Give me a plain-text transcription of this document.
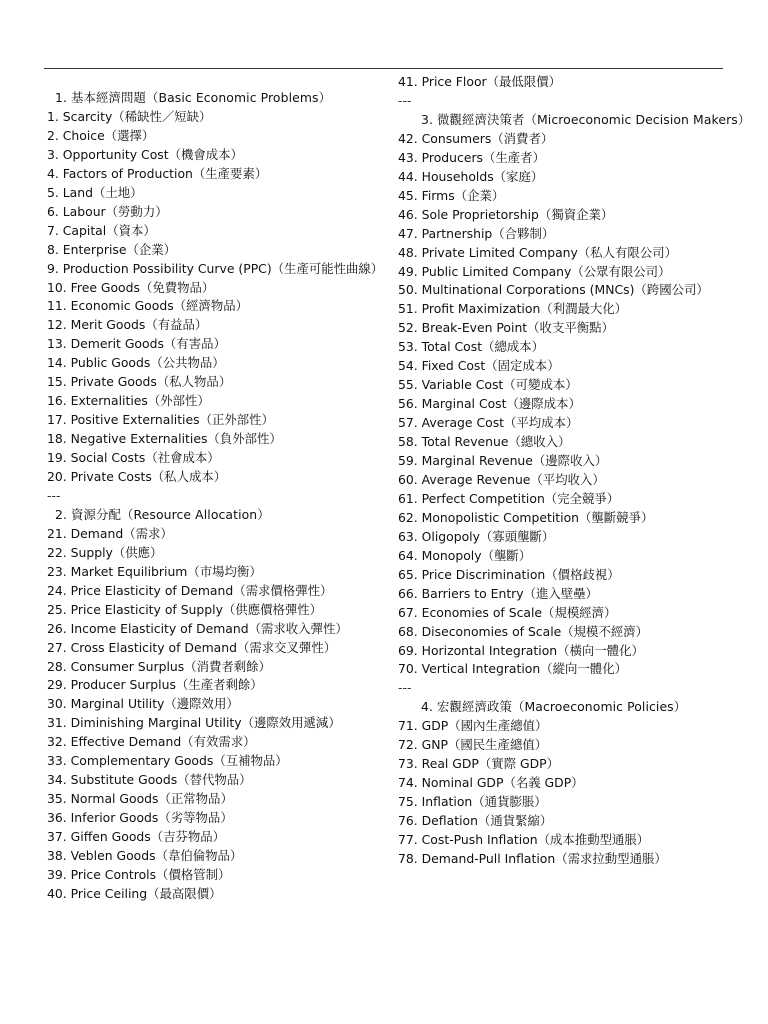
1. 基本經濟問題（Basic Economic Problems）
1. Scarcity（稀缺性／短缺）
2. Choice（選擇）
3. Opportunity Cost（機會成本）
4. Factors of Production（生產要素）
5. Land（土地）
6. Labour（勞動力）
7. Capital（資本）
8. Enterprise（企業）
9. Production Possibility Curve (PPC)（生產可能性曲線）
10. Free Goods（免費物品）
11. Economic Goods（經濟物品）
12. Merit Goods（有益品）
13. Demerit Goods（有害品）
14. Public Goods（公共物品）
15. Private Goods（私人物品）
16. Externalities（外部性）
17. Positive Externalities（正外部性）
18. Negative Externalities（負外部性）
19. Social Costs（社會成本）
20. Private Costs（私人成本）
---
2. 資源分配（Resource Allocation）
21. Demand（需求）
22. Supply（供應）
23. Market Equilibrium（市場均衡）
24. Price Elasticity of Demand（需求價格彈性）
25. Price Elasticity of Supply（供應價格彈性）
26. Income Elasticity of Demand（需求收入彈性）
27. Cross Elasticity of Demand（需求交叉彈性）
28. Consumer Surplus（消費者剩餘）
29. Producer Surplus（生產者剩餘）
30. Marginal Utility（邊際效用）
31. Diminishing Marginal Utility（邊際效用遞減）
32. Effective Demand（有效需求）
33. Complementary Goods（互補物品）
34. Substitute Goods（替代物品）
35. Normal Goods（正常物品）
36. Inferior Goods（劣等物品）
37. Giffen Goods（吉芬物品）
38. Veblen Goods（韋伯倫物品）
39. Price Controls（價格管制）
40. Price Ceiling（最高限價）
41. Price Floor（最低限價）
---
3. 微觀經濟決策者（Microeconomic Decision Makers）
42. Consumers（消費者）
43. Producers（生產者）
44. Households（家庭）
45. Firms（企業）
46. Sole Proprietorship（獨資企業）
47. Partnership（合夥制）
48. Private Limited Company（私人有限公司）
49. Public Limited Company（公眾有限公司）
50. Multinational Corporations (MNCs)（跨國公司）
51. Profit Maximization（利潤最大化）
52. Break-Even Point（收支平衡點）
53. Total Cost（總成本）
54. Fixed Cost（固定成本）
55. Variable Cost（可變成本）
56. Marginal Cost（邊際成本）
57. Average Cost（平均成本）
58. Total Revenue（總收入）
59. Marginal Revenue（邊際收入）
60. Average Revenue（平均收入）
61. Perfect Competition（完全競爭）
62. Monopolistic Competition（壟斷競爭）
63. Oligopoly（寡頭壟斷）
64. Monopoly（壟斷）
65. Price Discrimination（價格歧視）
66. Barriers to Entry（進入壁壘）
67. Economies of Scale（規模經濟）
68. Diseconomies of Scale（規模不經濟）
69. Horizontal Integration（橫向一體化）
70. Vertical Integration（縱向一體化）
---
4. 宏觀經濟政策（Macroeconomic Policies）
71. GDP（國內生產總值）
72. GNP（國民生產總值）
73. Real GDP（實際 GDP）
74. Nominal GDP（名義 GDP）
75. Inflation（通貨膨脹）
76. Deflation（通貨緊縮）
77. Cost-Push Inflation（成本推動型通脹）
78. Demand-Pull Inflation（需求拉動型通脹）
